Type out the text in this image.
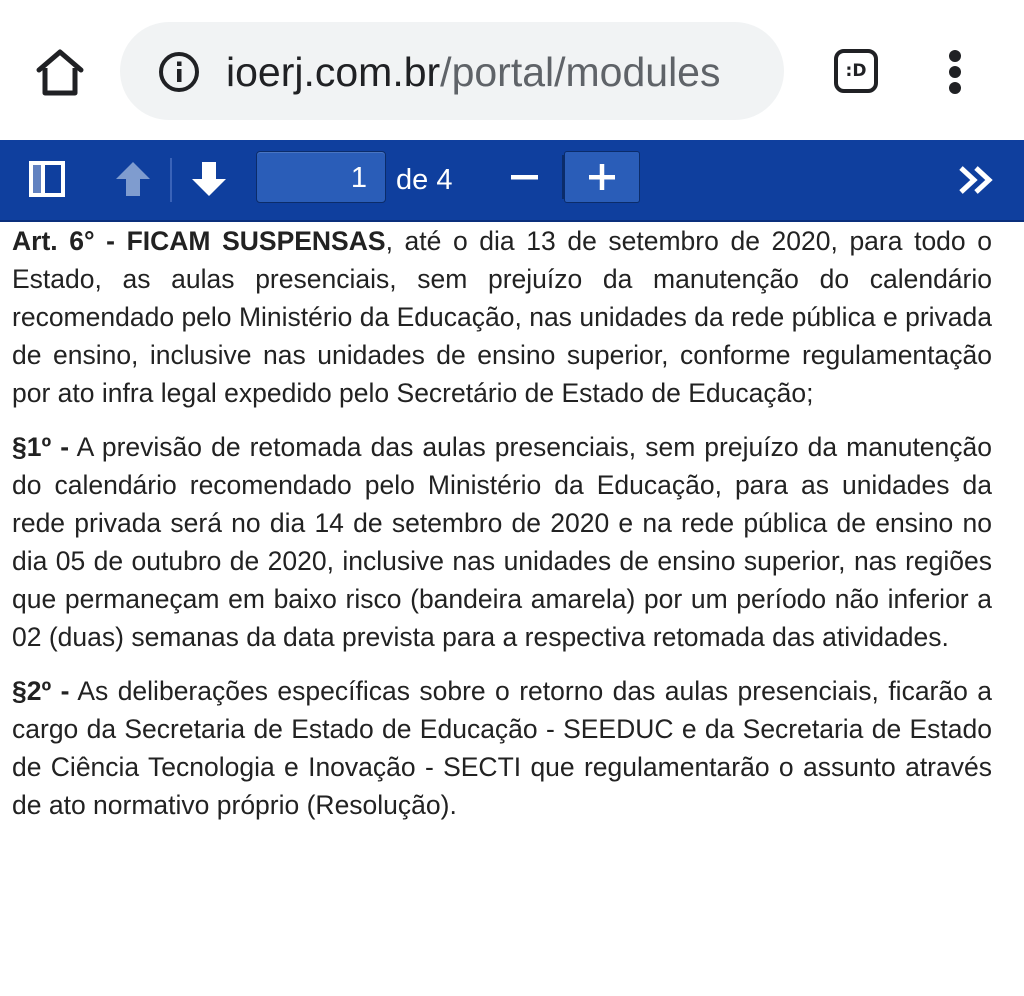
ioerj.com.br/portal/modules	:D
1	de 4

Art. 6° - FICAM SUSPENSAS, até o dia 13 de setembro de 2020, para todo o Estado, as aulas presenciais, sem prejuízo da manutenção do calendário recomendado pelo Ministério da Educação, nas unidades da rede pública e privada de ensino, inclusive nas unidades de ensino superior, conforme regulamentação por ato infra legal expedido pelo Secretário de Estado de Educação;

§1º - A previsão de retomada das aulas presenciais, sem prejuízo da manutenção do calendário recomendado pelo Ministério da Educação, para as unidades da rede privada será no dia 14 de setembro de 2020 e na rede pública de ensino no dia 05 de outubro de 2020, inclusive nas unidades de ensino superior, nas regiões que permaneçam em baixo risco (bandeira amarela) por um período não inferior a 02 (duas) semanas da data prevista para a respectiva retomada das atividades.

§2º - As deliberações específicas sobre o retorno das aulas presenciais, ficarão a cargo da Secretaria de Estado de Educação - SEEDUC e da Secretaria de Estado de Ciência Tecnologia e Inovação - SECTI que regulamentarão o assunto através de ato normativo próprio (Resolução).
